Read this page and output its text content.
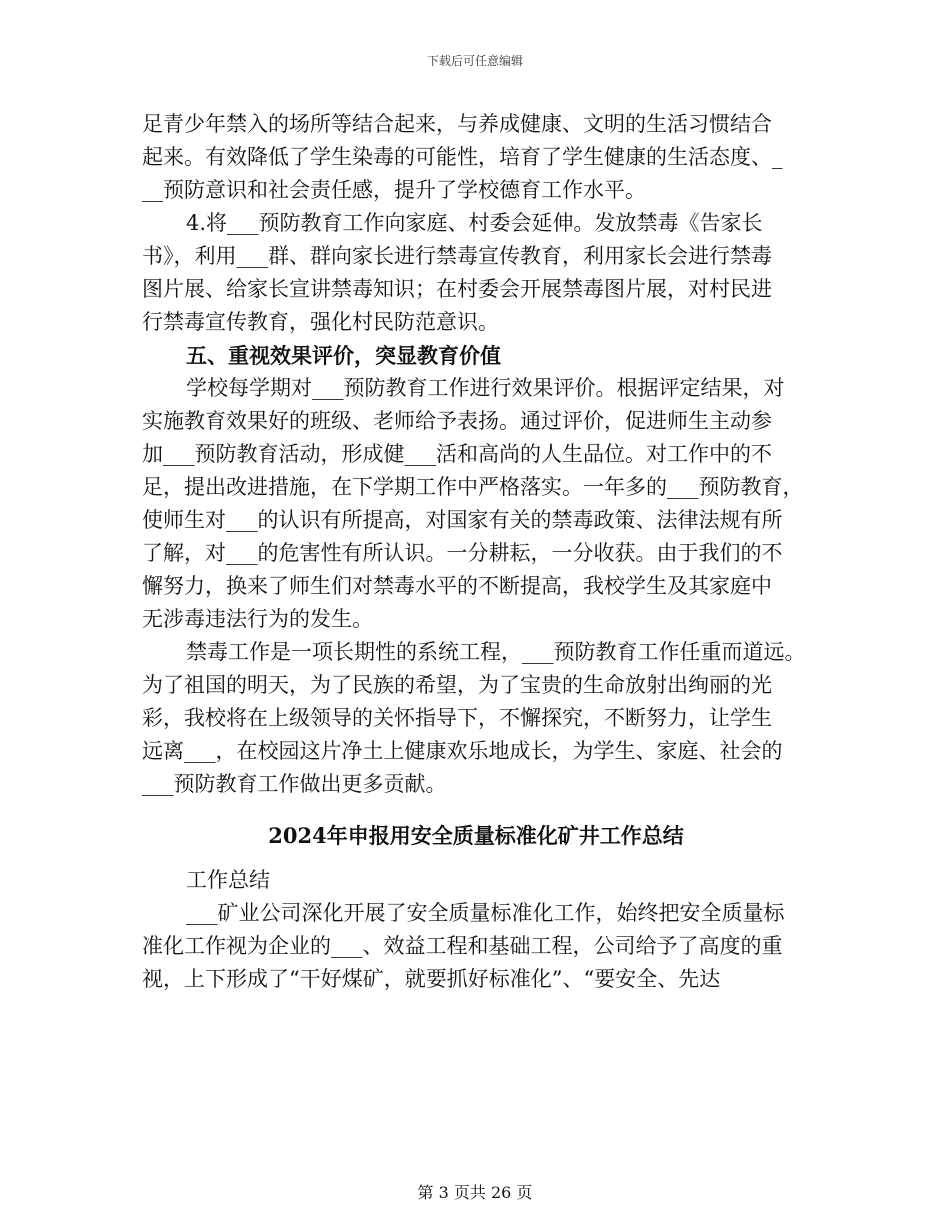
下载后可任意编辑
足青少年禁入的场所等结合起来，与养成健康、文明的生活习惯结合
起来。有效降低了学生染毒的可能性，培育了学生健康的生活态度、_
__预防意识和社会责任感，提升了学校德育工作水平。
4.将___预防教育工作向家庭、村委会延伸。发放禁毒《告家长
书》，利用___群、群向家长进行禁毒宣传教育，利用家长会进行禁毒
图片展、给家长宣讲禁毒知识；在村委会开展禁毒图片展，对村民进
行禁毒宣传教育，强化村民防范意识。
五、重视效果评价，突显教育价值
学校每学期对___预防教育工作进行效果评价。根据评定结果，对
实施教育效果好的班级、老师给予表扬。通过评价，促进师生主动参
加___预防教育活动，形成健___活和高尚的人生品位。对工作中的不
足，提出改进措施，在下学期工作中严格落实。一年多的___预防教育，
使师生对___的认识有所提高，对国家有关的禁毒政策、法律法规有所
了解，对___的危害性有所认识。一分耕耘，一分收获。由于我们的不
懈努力，换来了师生们对禁毒水平的不断提高，我校学生及其家庭中
无涉毒违法行为的发生。
禁毒工作是一项长期性的系统工程，___预防教育工作任重而道远。
为了祖国的明天，为了民族的希望，为了宝贵的生命放射出绚丽的光
彩，我校将在上级领导的关怀指导下，不懈探究，不断努力，让学生
远离___，在校园这片净土上健康欢乐地成长，为学生、家庭、社会的
___预防教育工作做出更多贡献。
2024年申报用安全质量标准化矿井工作总结
工作总结
___矿业公司深化开展了安全质量标准化工作，始终把安全质量标
准化工作视为企业的___、效益工程和基础工程，公司给予了高度的重
视，上下形成了“干好煤矿，就要抓好标准化”、“要安全、先达
第 3 页共 26 页
